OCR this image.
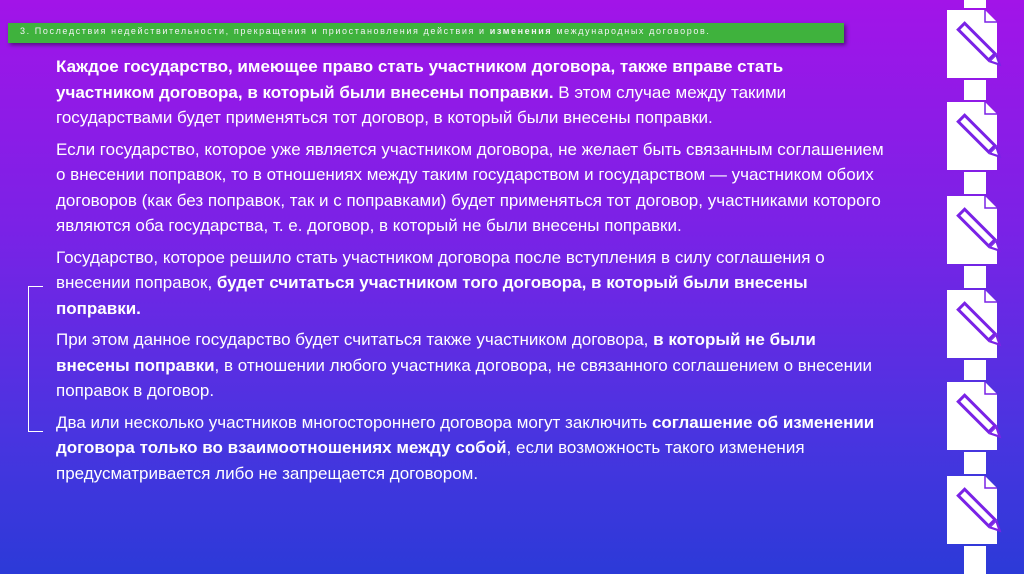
3. Последствия недействительности, прекращения и приостановления действия и изменения международных договоров.

Каждое государство, имеющее право стать участником договора, также вправе стать участником договора, в который были внесены поправки. В этом случае между такими государствами будет применяться тот договор, в который были внесены поправки.

Если государство, которое уже является участником договора, не желает быть связанным соглашением о внесении поправок, то в отношениях между таким государством и государством — участником обоих договоров (как без поправок, так и с поправками) будет применяться тот договор, участниками которого являются оба государства, т. е. договор, в который не были внесены поправки.

Государство, которое решило стать участником договора после вступления в силу соглашения о внесении поправок, будет считаться участником того договора, в который были внесены поправки.

При этом данное государство будет считаться также участником договора, в который не были внесены поправки, в отношении любого участника договора, не связанного соглашением о внесении поправок в договор.

Два или несколько участников многостороннего договора могут заключить соглашение об изменении договора только во взаимоотношениях между собой, если возможность такого изменения предусматривается либо не запрещается договором.
